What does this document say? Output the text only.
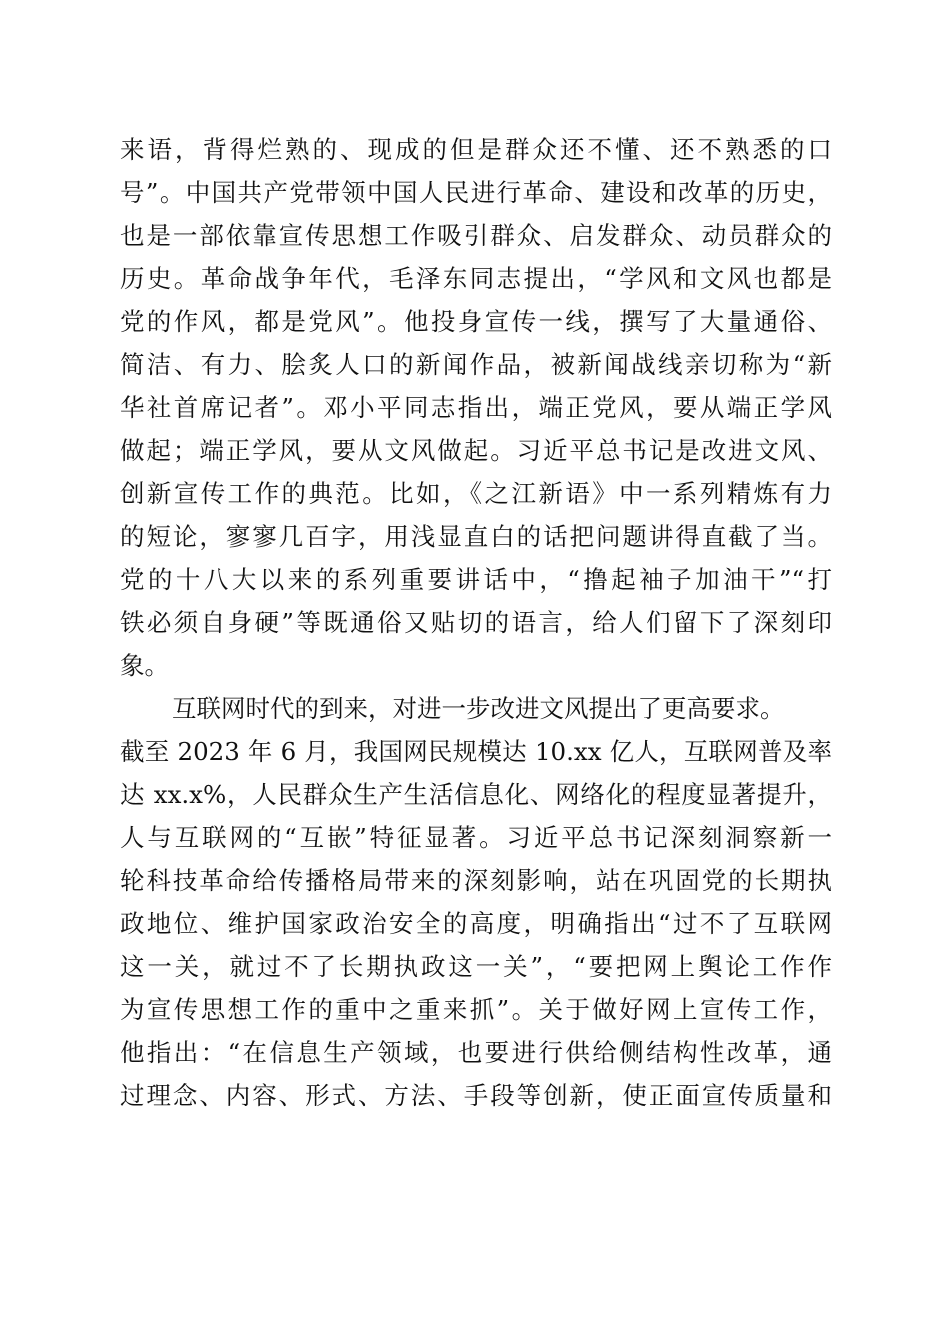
来语，背得烂熟的、现成的但是群众还不懂、还不熟悉的口
号”。中国共产党带领中国人民进行革命、建设和改革的历史，
也是一部依靠宣传思想工作吸引群众、启发群众、动员群众的
历史。革命战争年代，毛泽东同志提出，“学风和文风也都是
党的作风，都是党风”。他投身宣传一线，撰写了大量通俗、
简洁、有力、脍炙人口的新闻作品，被新闻战线亲切称为“新
华社首席记者”。邓小平同志指出，端正党风，要从端正学风
做起；端正学风，要从文风做起。习近平总书记是改进文风、
创新宣传工作的典范。比如，《之江新语》中一系列精炼有力
的短论，寥寥几百字，用浅显直白的话把问题讲得直截了当。
党的十八大以来的系列重要讲话中，“撸起袖子加油干”“打
铁必须自身硬”等既通俗又贴切的语言，给人们留下了深刻印
象。
互联网时代的到来，对进一步改进文风提出了更高要求。
截至 2023 年 6 月，我国网民规模达 10.xx 亿人，互联网普及率
达 xx.x%，人民群众生产生活信息化、网络化的程度显著提升，
人与互联网的“互嵌”特征显著。习近平总书记深刻洞察新一
轮科技革命给传播格局带来的深刻影响，站在巩固党的长期执
政地位、维护国家政治安全的高度，明确指出“过不了互联网
这一关，就过不了长期执政这一关”，“要把网上舆论工作作
为宣传思想工作的重中之重来抓”。关于做好网上宣传工作，
他指出：“在信息生产领域，也要进行供给侧结构性改革，通
过理念、内容、形式、方法、手段等创新，使正面宣传质量和
